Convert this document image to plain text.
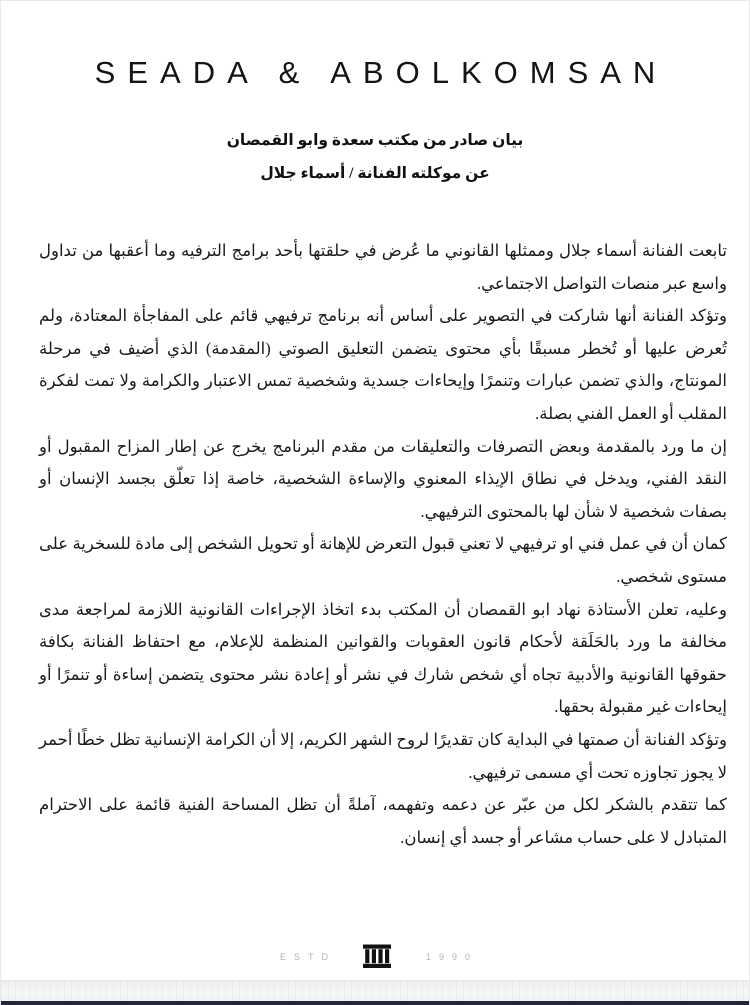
SEADA & ABOLKOMSAN
بيان صادر من مكتب سعدة وابو القمصان
عن موكلته الفنانة / أسماء جلال

تابعت الفنانة أسماء جلال وممثلها القانوني ما عُرض في حلقتها بأحد برامج الترفيه وما أعقبها من تداول واسع عبر منصات التواصل الاجتماعي.

وتؤكد الفنانة أنها شاركت في التصوير على أساس أنه برنامج ترفيهي قائم على المفاجأة المعتادة، ولم تُعرض عليها أو تُخطر مسبقًا بأي محتوى يتضمن التعليق الصوتي (المقدمة) الذي أضيف في مرحلة المونتاج، والذي تضمن عبارات وتنمرًا وإيحاءات جسدية وشخصية تمس الاعتبار والكرامة ولا تمت لفكرة المقلب أو العمل الفني بصلة.

إن ما ورد بالمقدمة وبعض التصرفات والتعليقات من مقدم البرنامج يخرج عن إطار المزاح المقبول أو النقد الفني، ويدخل في نطاق الإيذاء المعنوي والإساءة الشخصية، خاصة إذا تعلّق بجسد الإنسان أو بصفات شخصية لا شأن لها بالمحتوى الترفيهي.

كمان أن في عمل فني او ترفيهي لا تعني قبول التعرض للإهانة أو تحويل الشخص إلى مادة للسخرية على مستوى شخصي.

وعليه، تعلن الأستاذة نهاد ابو القمصان أن المكتب بدء اتخاذ الإجراءات القانونية اللازمة لمراجعة مدى مخالفة ما ورد بالحَلَقة لأحكام قانون العقوبات والقوانين المنظمة للإعلام، مع احتفاظ الفنانة بكافة حقوقها القانونية والأدبية تجاه أي شخص شارك في نشر أو إعادة نشر محتوى يتضمن إساءة أو تنمرًا أو إيحاءات غير مقبولة بحقها.

وتؤكد الفنانة أن صمتها في البداية كان تقديرًا لروح الشهر الكريم، إلا أن الكرامة الإنسانية تظل خطًا أحمر لا يجوز تجاوزه تحت أي مسمى ترفيهي.

كما تتقدم بالشكر لكل من عبّر عن دعمه وتفهمه، آملةً أن تظل المساحة الفنية قائمة على الاحترام المتبادل لا على حساب مشاعر أو جسد أي إنسان.

ESTD	1990
